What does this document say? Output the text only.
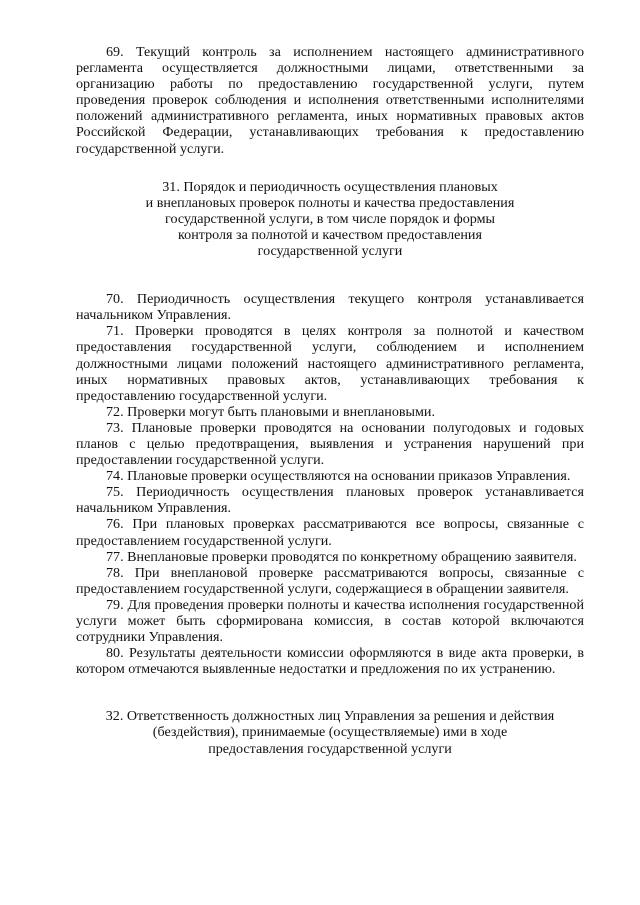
69. Текущий контроль за исполнением настоящего административного регламента осуществляется должностными лицами, ответственными за организацию работы по предоставлению государственной услуги, путем проведения проверок соблюдения и исполнения ответственными исполнителями положений административного регламента, иных нормативных правовых актов Российской Федерации, устанавливающих требования к предоставлению государственной услуги.

31. Порядок и периодичность осуществления плановых
и внеплановых проверок полноты и качества предоставления
государственной услуги, в том числе порядок и формы
контроля за полнотой и качеством предоставления
государственной услуги

70. Периодичность осуществления текущего контроля устанавливается начальником Управления.

71. Проверки проводятся в целях контроля за полнотой и качеством предоставления государственной услуги, соблюдением и исполнением должностными лицами положений настоящего административного регламента, иных нормативных правовых актов, устанавливающих требования к предоставлению государственной услуги.

72. Проверки могут быть плановыми и внеплановыми.

73. Плановые проверки проводятся на основании полугодовых и годовых планов с целью предотвращения, выявления и устранения нарушений при предоставлении государственной услуги.

74. Плановые проверки осуществляются на основании приказов Управления.

75. Периодичность осуществления плановых проверок устанавливается начальником Управления.

76. При плановых проверках рассматриваются все вопросы, связанные с предоставлением государственной услуги.

77. Внеплановые проверки проводятся по конкретному обращению заявителя.

78. При внеплановой проверке рассматриваются вопросы, связанные с предоставлением государственной услуги, содержащиеся в обращении заявителя.

79. Для проведения проверки полноты и качества исполнения государственной услуги может быть сформирована комиссия, в состав которой включаются сотрудники Управления.

80. Результаты деятельности комиссии оформляются в виде акта проверки, в котором отмечаются выявленные недостатки и предложения по их устранению.

32. Ответственность должностных лиц Управления за решения и действия
(бездействия), принимаемые (осуществляемые) ими в ходе
предоставления государственной услуги
